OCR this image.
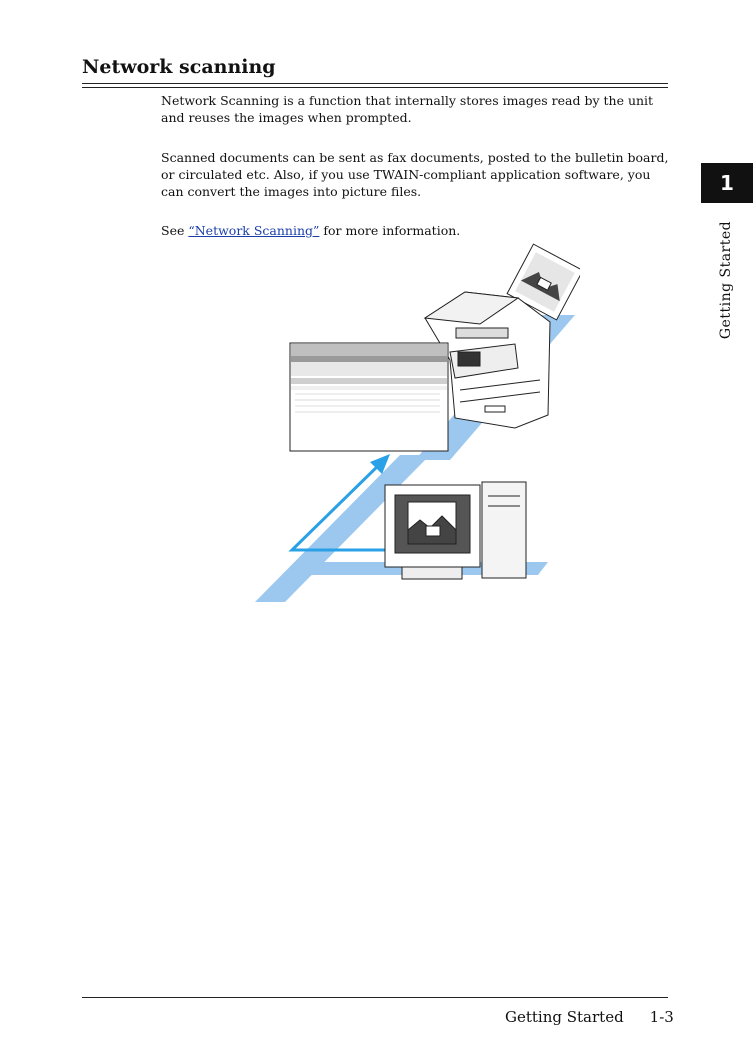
Network scanning

Network Scanning is a function that internally stores images read by the unit and reuses the images when prompted.

Scanned documents can be sent as fax documents, posted to the bulletin board, or circulated etc. Also, if you use TWAIN-compliant application software, you can convert the images into picture files.

See “Network Scanning” for more information.

1
Getting Started
Getting Started 1-3
